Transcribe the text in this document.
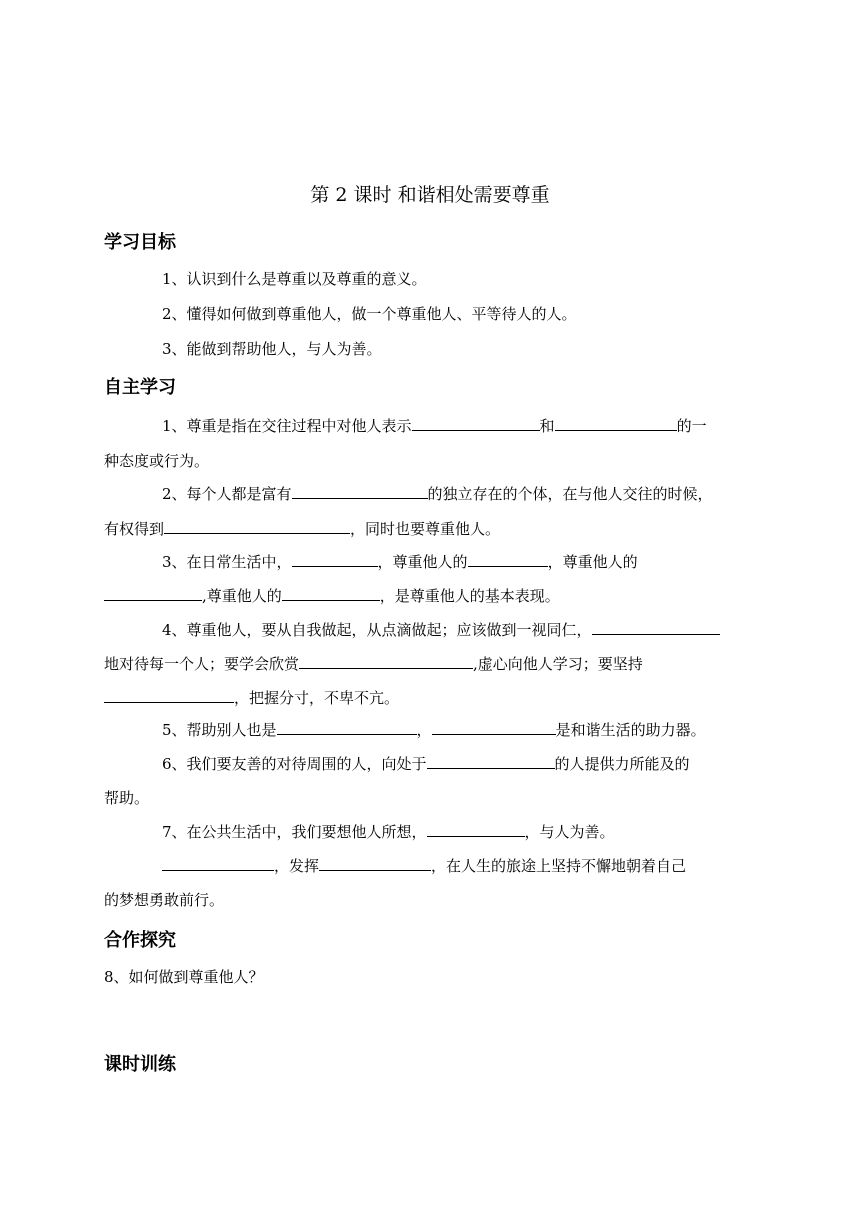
第 2 课时 和谐相处需要尊重
学习目标
1、认识到什么是尊重以及尊重的意义。
2、懂得如何做到尊重他人，做一个尊重他人、平等待人的人。
3、能做到帮助他人，与人为善。
自主学习
1、尊重是指在交往过程中对他人表示	和	的一
种态度或行为。
2、每个人都是富有	的独立存在的个体，在与他人交往的时候，
有权得到	，同时也要尊重他人。
3、在日常生活中，	，尊重他人的	，尊重他人的
,尊重他人的	，是尊重他人的基本表现。
4、尊重他人，要从自我做起，从点滴做起；应该做到一视同仁，
地对待每一个人；要学会欣赏	,虚心向他人学习；要坚持
，把握分寸，不卑不亢。
5、帮助别人也是	，	是和谐生活的助力器。
6、我们要友善的对待周围的人，向处于	的人提供力所能及的
帮助。
7、在公共生活中，我们要想他人所想，	，与人为善。
，发挥	，在人生的旅途上坚持不懈地朝着自己
的梦想勇敢前行。
合作探究
8、如何做到尊重他人？
课时训练
